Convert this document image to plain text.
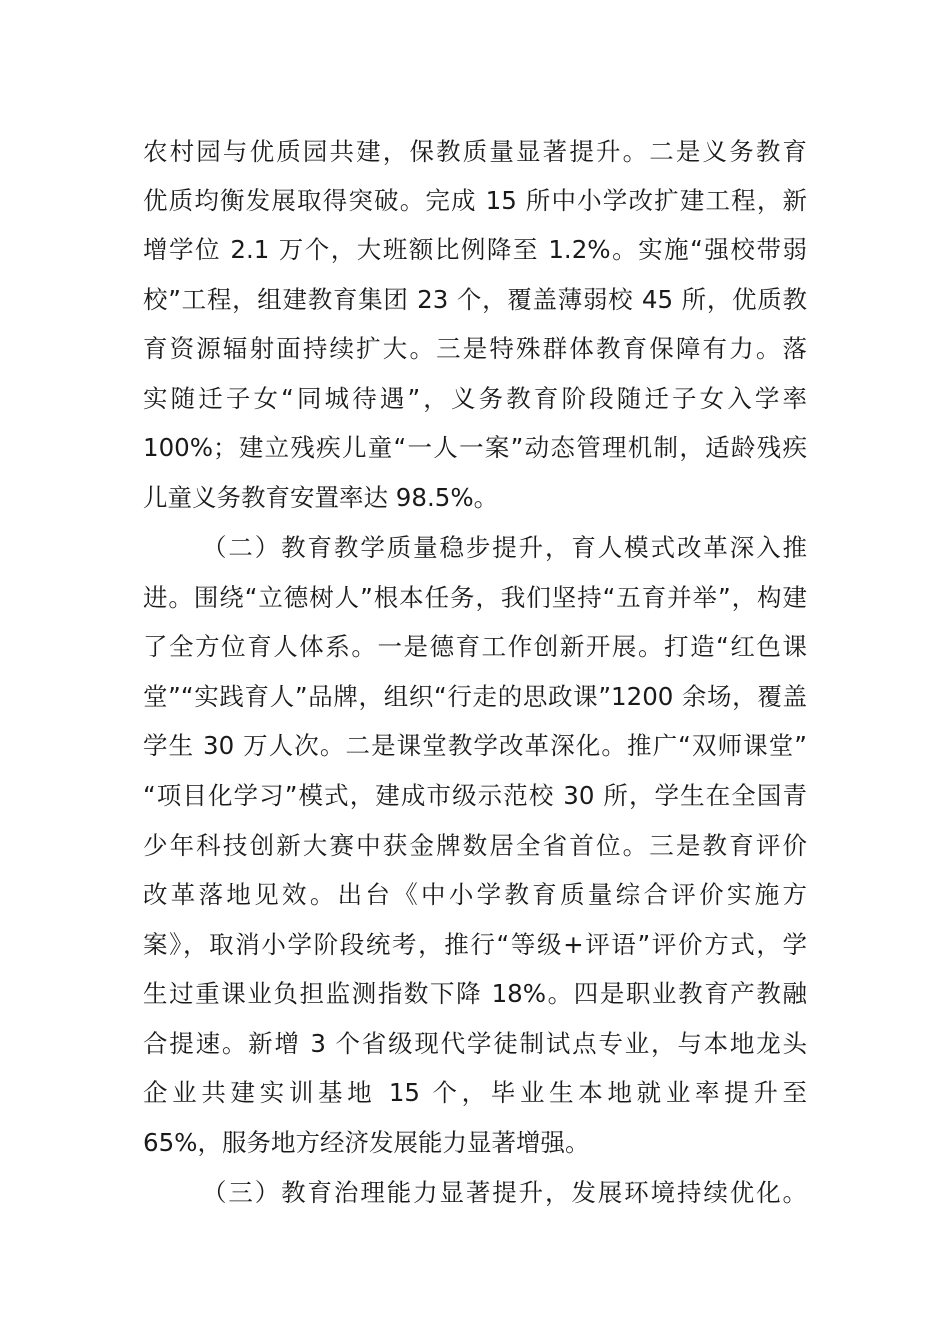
农村园与优质园共建，保教质量显著提升。二是义务教育
优质均衡发展取得突破。完成 15 所中小学改扩建工程，新
增学位 2.1 万个，大班额比例降至 1.2%。实施“强校带弱
校”工程，组建教育集团 23 个，覆盖薄弱校 45 所，优质教
育资源辐射面持续扩大。三是特殊群体教育保障有力。落
实随迁子女“同城待遇”，义务教育阶段随迁子女入学率
100%；建立残疾儿童“一人一案”动态管理机制，适龄残疾
儿童义务教育安置率达 98.5%。
（二）教育教学质量稳步提升，育人模式改革深入推
进。围绕“立德树人”根本任务，我们坚持“五育并举”，构建
了全方位育人体系。一是德育工作创新开展。打造“红色课
堂”“实践育人”品牌，组织“行走的思政课”1200 余场，覆盖
学生 30 万人次。二是课堂教学改革深化。推广“双师课堂”
“项目化学习”模式，建成市级示范校 30 所，学生在全国青
少年科技创新大赛中获金牌数居全省首位。三是教育评价
改革落地见效。出台《中小学教育质量综合评价实施方
案》，取消小学阶段统考，推行“等级+评语”评价方式，学
生过重课业负担监测指数下降 18%。四是职业教育产教融
合提速。新增 3 个省级现代学徒制试点专业，与本地龙头
企业共建实训基地 15 个，毕业生本地就业率提升至
65%，服务地方经济发展能力显著增强。
（三）教育治理能力显著提升，发展环境持续优化。
